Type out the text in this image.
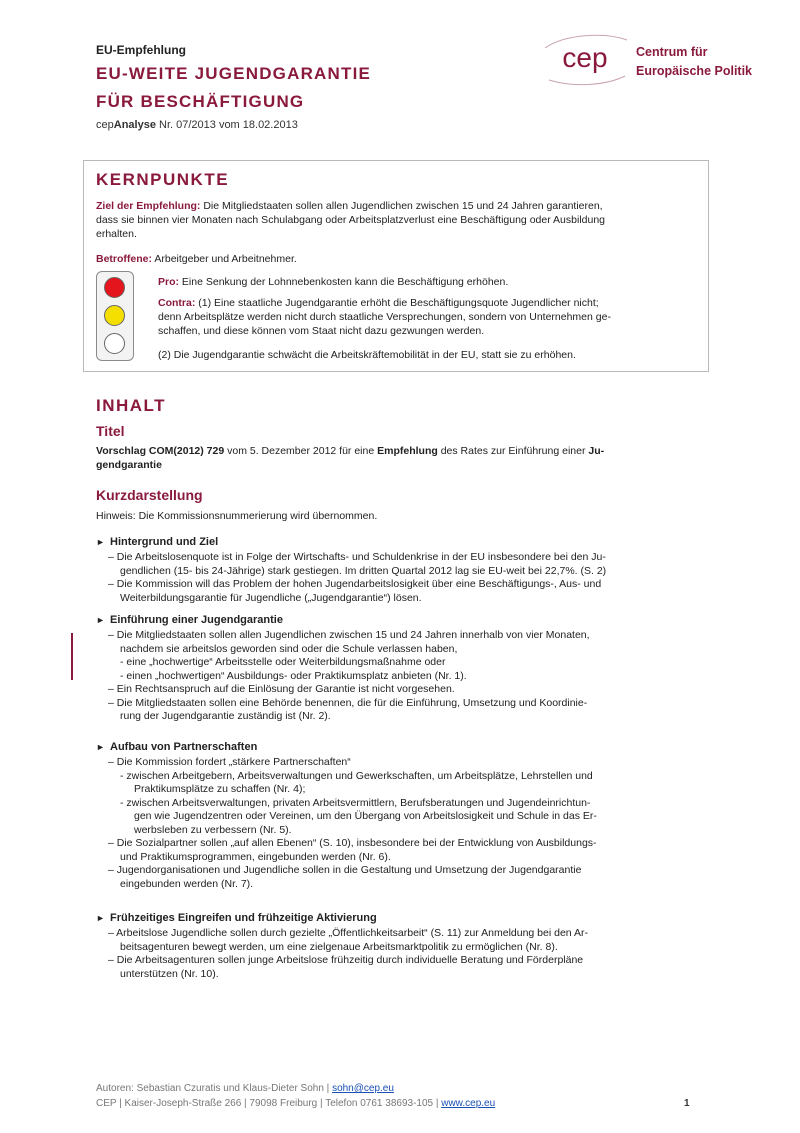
EU-Empfehlung
EU-WEITE JUGENDGARANTIE
FÜR BESCHÄFTIGUNG
cepAnalyse Nr. 07/2013 vom 18.02.2013
cep Centrum für
Europäische Politik
KERNPUNKTE
Ziel der Empfehlung: Die Mitgliedstaaten sollen allen Jugendlichen zwischen 15 und 24 Jahren garantieren,
dass sie binnen vier Monaten nach Schulabgang oder Arbeitsplatzverlust eine Beschäftigung oder Ausbildung
erhalten.
Betroffene: Arbeitgeber und Arbeitnehmer.
Pro: Eine Senkung der Lohnnebenkosten kann die Beschäftigung erhöhen.
Contra: (1) Eine staatliche Jugendgarantie erhöht die Beschäftigungsquote Jugendlicher nicht;
denn Arbeitsplätze werden nicht durch staatliche Versprechungen, sondern von Unternehmen ge-
schaffen, und diese können vom Staat nicht dazu gezwungen werden.
(2) Die Jugendgarantie schwächt die Arbeitskräftemobilität in der EU, statt sie zu erhöhen.
INHALT
Titel
Vorschlag COM(2012) 729 vom 5. Dezember 2012 für eine Empfehlung des Rates zur Einführung einer Ju-
gendgarantie
Kurzdarstellung
Hinweis: Die Kommissionsnummerierung wird übernommen.
► Hintergrund und Ziel
– Die Arbeitslosenquote ist in Folge der Wirtschafts- und Schuldenkrise in der EU insbesondere bei den Ju-
gendlichen (15- bis 24-Jährige) stark gestiegen. Im dritten Quartal 2012 lag sie EU-weit bei 22,7%. (S. 2)
– Die Kommission will das Problem der hohen Jugendarbeitslosigkeit über eine Beschäftigungs-, Aus- und
Weiterbildungsgarantie für Jugendliche („Jugendgarantie“) lösen.
► Einführung einer Jugendgarantie
– Die Mitgliedstaaten sollen allen Jugendlichen zwischen 15 und 24 Jahren innerhalb von vier Monaten,
nachdem sie arbeitslos geworden sind oder die Schule verlassen haben,
- eine „hochwertige“ Arbeitsstelle oder Weiterbildungsmaßnahme oder
- einen „hochwertigen“ Ausbildungs- oder Praktikumsplatz anbieten (Nr. 1).
– Ein Rechtsanspruch auf die Einlösung der Garantie ist nicht vorgesehen.
– Die Mitgliedstaaten sollen eine Behörde benennen, die für die Einführung, Umsetzung und Koordinie-
rung der Jugendgarantie zuständig ist (Nr. 2).
► Aufbau von Partnerschaften
– Die Kommission fordert „stärkere Partnerschaften“
- zwischen Arbeitgebern, Arbeitsverwaltungen und Gewerkschaften, um Arbeitsplätze, Lehrstellen und
Praktikumsplätze zu schaffen (Nr. 4);
- zwischen Arbeitsverwaltungen, privaten Arbeitsvermittlern, Berufsberatungen und Jugendeinrichtun-
gen wie Jugendzentren oder Vereinen, um den Übergang von Arbeitslosigkeit und Schule in das Er-
werbsleben zu verbessern (Nr. 5).
– Die Sozialpartner sollen „auf allen Ebenen“ (S. 10), insbesondere bei der Entwicklung von Ausbildungs-
und Praktikumsprogrammen, eingebunden werden (Nr. 6).
– Jugendorganisationen und Jugendliche sollen in die Gestaltung und Umsetzung der Jugendgarantie
eingebunden werden (Nr. 7).
► Frühzeitiges Eingreifen und frühzeitige Aktivierung
– Arbeitslose Jugendliche sollen durch gezielte „Öffentlichkeitsarbeit“ (S. 11) zur Anmeldung bei den Ar-
beitsagenturen bewegt werden, um eine zielgenaue Arbeitsmarktpolitik zu ermöglichen (Nr. 8).
– Die Arbeitsagenturen sollen junge Arbeitslose frühzeitig durch individuelle Beratung und Förderpläne
unterstützen (Nr. 10).
Autoren: Sebastian Czuratis und Klaus-Dieter Sohn | sohn@cep.eu
CEP | Kaiser-Joseph-Straße 266 | 79098 Freiburg | Telefon 0761 38693-105 | www.cep.eu	1
